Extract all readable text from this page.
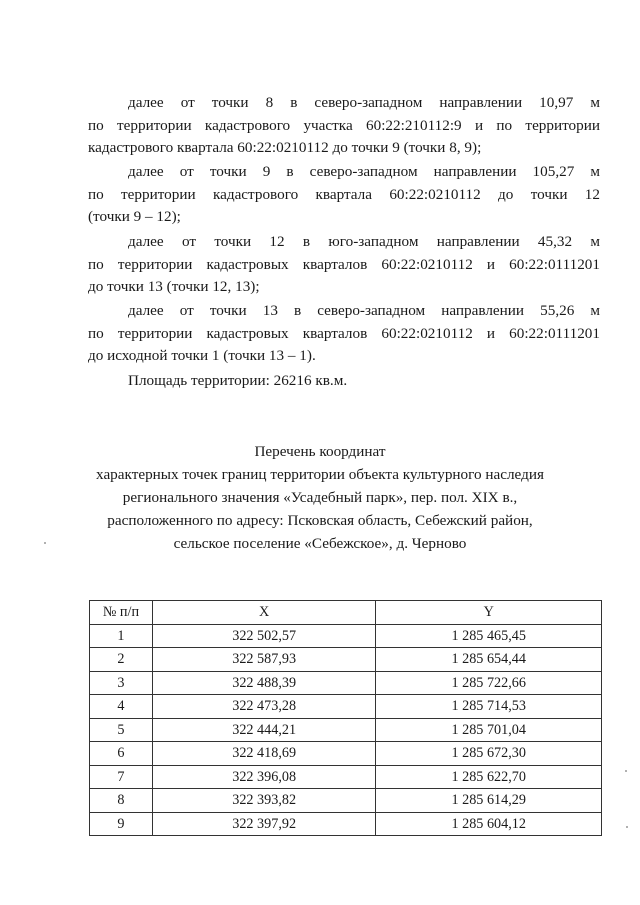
далее от точки 8 в северо-западном направлении 10,97 м
по территории кадастрового участка 60:22:210112:9 и по территории
кадастрового квартала 60:22:0210112 до точки 9 (точки 8, 9);
далее от точки 9 в северо-западном направлении 105,27 м
по территории кадастрового квартала 60:22:0210112 до точки 12
(точки 9 – 12);
далее от точки 12 в юго-западном направлении 45,32 м
по территории кадастровых кварталов 60:22:0210112 и 60:22:0111201
до точки 13 (точки 12, 13);
далее от точки 13 в северо-западном направлении 55,26 м
по территории кадастровых кварталов 60:22:0210112 и 60:22:0111201
до исходной точки 1 (точки 13 – 1).
Площадь территории: 26216 кв.м.
Перечень координат
характерных точек границ территории объекта культурного наследия
регионального значения «Усадебный парк», пер. пол. XIX в.,
расположенного по адресу: Псковская область, Себежский район,
сельское поселение «Себежское», д. Черново
№ п/п	X	Y
1	322 502,57	1 285 465,45
2	322 587,93	1 285 654,44
3	322 488,39	1 285 722,66
4	322 473,28	1 285 714,53
5	322 444,21	1 285 701,04
6	322 418,69	1 285 672,30
7	322 396,08	1 285 622,70
8	322 393,82	1 285 614,29
9	322 397,92	1 285 604,12
